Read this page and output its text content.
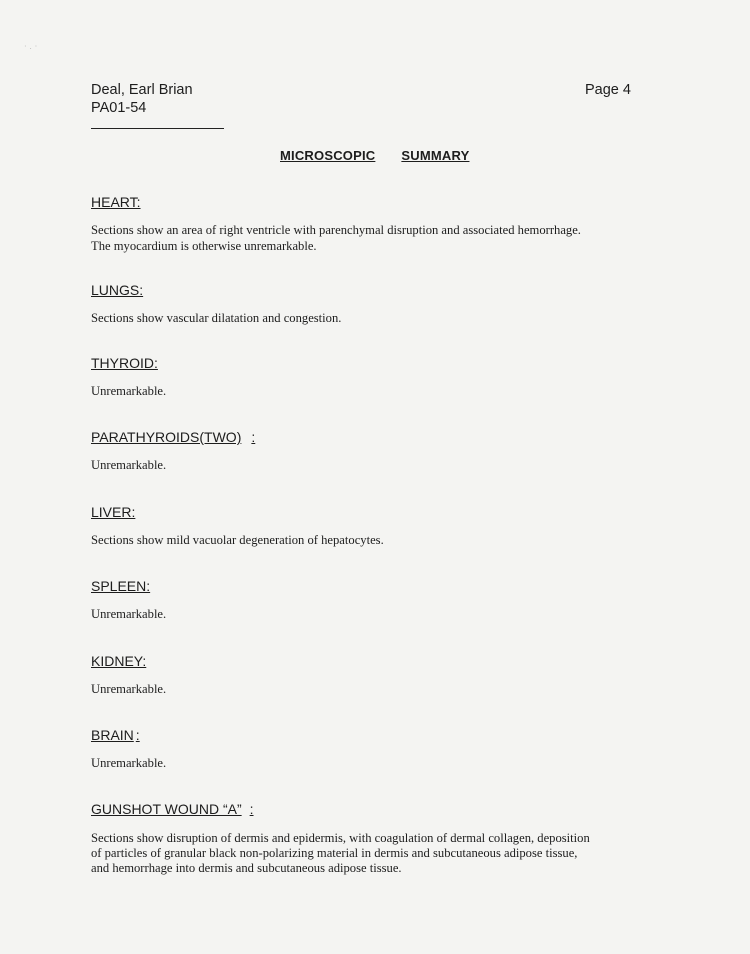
·.·
Deal, Earl Brian
PA01-54
Page 4
MICROSCOPIC SUMMARY
HEART:

Sections show an area of right ventricle with parenchymal disruption and associated hemorrhage.

The myocardium is otherwise unremarkable.

LUNGS:

Sections show vascular dilatation and congestion.

THYROID:

Unremarkable.

PARATHYROIDS(TWO) :

Unremarkable.

LIVER:

Sections show mild vacuolar degeneration of hepatocytes.

SPLEEN:

Unremarkable.

KIDNEY:

Unremarkable.

BRAIN :

Unremarkable.

GUNSHOT WOUND “A” :

Sections show disruption of dermis and epidermis, with coagulation of dermal collagen, deposition

of particles of granular black non-polarizing material in dermis and subcutaneous adipose tissue,

and hemorrhage into dermis and subcutaneous adipose tissue.
